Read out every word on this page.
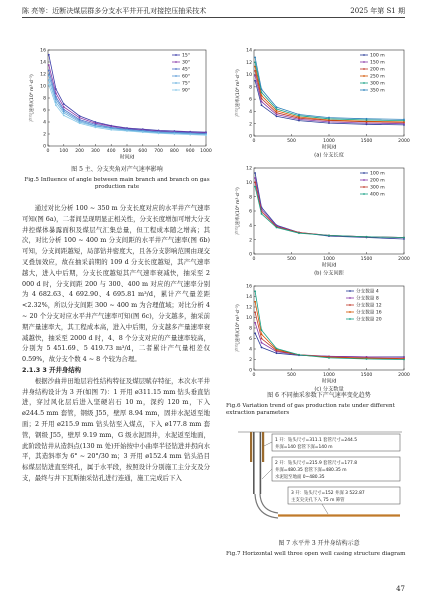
陈 亮等：近断决煤层群多分支水平井开孔对接控压抽采技术	2025 年第 S1 期
0 100 200 300 400 500 600 700 800 900 1000
0
2
4
6
8
10
12
14
16
时间/d
产气速率/(10⁴ m³·d⁻¹)
15°
30°
45°
60°
75°
90°
图 5 主、分支夹角对产气速率影响
Fig.5 Influence of angle between main branch and branch on gas production rate

通过对比分析 100 ~ 350 m 分支长度对应的水平井产气速率可知(图 6a)，二者间呈现明显正相关性，分支长度增加可增大分支井控煤体暴露面积及煤层气汇集总量，但工程成本随之增高；其次，对比分析 100 ~ 400 m 分支间距的水平井产气速率(图 6b)可知，分支间距越短，局部钻井密度大，且各分支影响范围由现交叉叠加效应，故在抽采前期的 109 d 分支长度越短，其产气速率越大，进入中后期，分支长度越短其产气速率衰减快，抽采至 2 000 d 时，分支间距 200 与 300、400 m 对应的产气速率分别为 4 682.63、4 692.90、4 695.81 m³/d，累计产气量差距<2.32%，所以分支间距 300 ~ 400 m 为合理值域；对比分析 4 ~ 20 个分支对应水平井产气速率可知(图 6c)，分支越多，抽采前期产量速率大，其工程成本高，进入中后期，分支越多产量速率衰减越快，抽采至 2000 d 时，4、8 个分支对应的产量速率较高，分别为 5 451.69、5 419.73 m³/d，二者累计产气量相差仅 0.59%，故分支个数 4 ~ 8 个较为合理。

2.1.3 3 开井身结构

根据沙曲井田地层岩性结构特征及煤层赋存特征，本次水平井井身结构设计为 3 开(如图 7)：1 开用 ø311.15 mm 钻头垂直钻进，穿过风化层后进入坚硬岩石 10 m，深约 120 m，下入 ø244.5 mm 套管，钢级 J55，壁厚 8.94 mm，固井水泥返至地面；2 开用 ø215.9 mm 钻头钻至入煤点，下入 ø177.8 mm 套管，钢级 J55，壁厚 9.19 mm，G 级水泥固井，水泥返至地面，此阶段钻井从造斜点(130 m 处)开始按中小曲率半径钻进并拐向水平，其造斜率为 6° ~ 20°/30 m；3 开用 ø152.4 mm 钻头沿目标煤层钻进直至终孔，属于水平段，按照设计分别施工主分支及分支，最终与井下瓦斯抽采钻孔进行连通，施工完成后下入

0	500	1000	1500	2000
0
2
4
6
8
10
12
14
时间/d
产气速率/(10⁴ m³·d⁻¹)
100 m
150 m
200 m
250 m
300 m
350 m
(a) 分支长度
0	500	1000	1500	2000
0
2
4
6
8
10
12
时间/d
产气速率/(10⁴ m³·d⁻¹)
100 m
200 m
300 m
400 m
(b) 分支间距
0	500	1000	1500	2000
0
2
4
6
8
10
12
14
16
时间/d
产气速率/(10⁴ m³·d⁻¹)
分支数量 4
分支数量 8
分支数量 12
分支数量 16
分支数量 20
(c) 分支数量
图 6 不同抽采参数下产气速率变化趋势
Fig.6 Variation trend of gas production rate under different extraction parameters
1 开：钻头尺寸=311.1 套管尺寸=244.5
井深=140 套管下深=140 m
2 开：钻头尺寸=215.9 套管尺寸=177.8
井深=480.35 套管下深=480.35 m
水泥返至地面 0~480.35
3 开：钻头尺寸=152 井深 3 522.87
主支尖尖孔下入 75 m 筛管
图 7 水平井 3 开井身结构示意
Fig.7 Horizontal well three open well casing structure diagram
47
